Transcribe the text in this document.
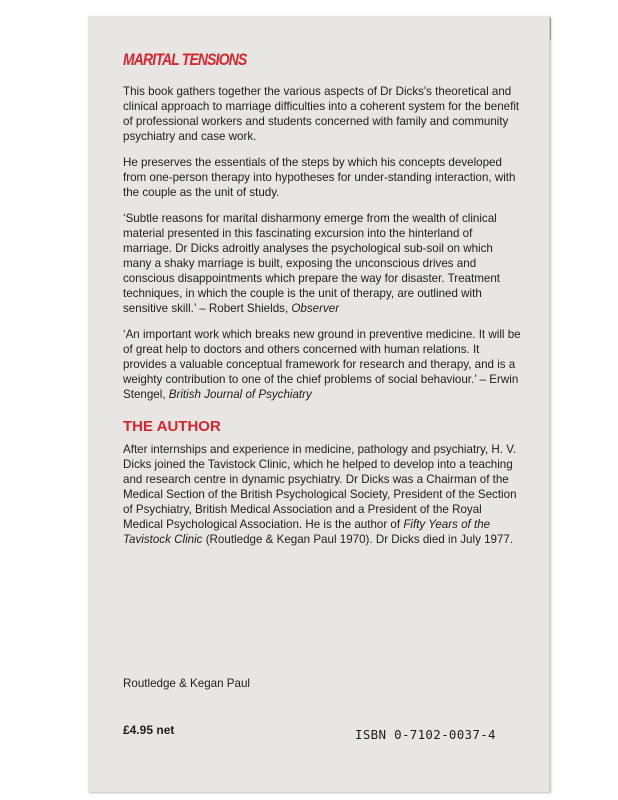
MARITAL TENSIONS

This book gathers together the various aspects of Dr Dicks's theoretical and clinical approach to marriage difficulties into a coherent system for the benefit of professional workers and students concerned with family and community psychiatry and case work.

He preserves the essentials of the steps by which his concepts developed from one-person therapy into hypotheses for under-standing interaction, with the couple as the unit of study.

‘Subtle reasons for marital disharmony emerge from the wealth of clinical material presented in this fascinating excursion into the hinterland of marriage. Dr Dicks adroitly analyses the psychological sub-soil on which many a shaky marriage is built, exposing the unconscious drives and conscious disappointments which prepare the way for disaster. Treatment techniques, in which the couple is the unit of therapy, are outlined with sensitive skill.’ – Robert Shields, Observer

‘An important work which breaks new ground in preventive medicine. It will be of great help to doctors and others concerned with human relations. It provides a valuable conceptual framework for research and therapy, and is a weighty contribution to one of the chief problems of social behaviour.’ – Erwin Stengel, British Journal of Psychiatry

THE AUTHOR

After internships and experience in medicine, pathology and psychiatry, H. V. Dicks joined the Tavistock Clinic, which he helped to develop into a teaching and research centre in dynamic psychiatry. Dr Dicks was a Chairman of the Medical Section of the British Psychological Society, President of the Section of Psychiatry, British Medical Association and a President of the Royal Medical Psychological Association. He is the author of Fifty Years of the Tavistock Clinic (Routledge & Kegan Paul 1970). Dr Dicks died in July 1977.

Routledge & Kegan Paul
£4.95 net	ISBN 0-7102-0037-4
